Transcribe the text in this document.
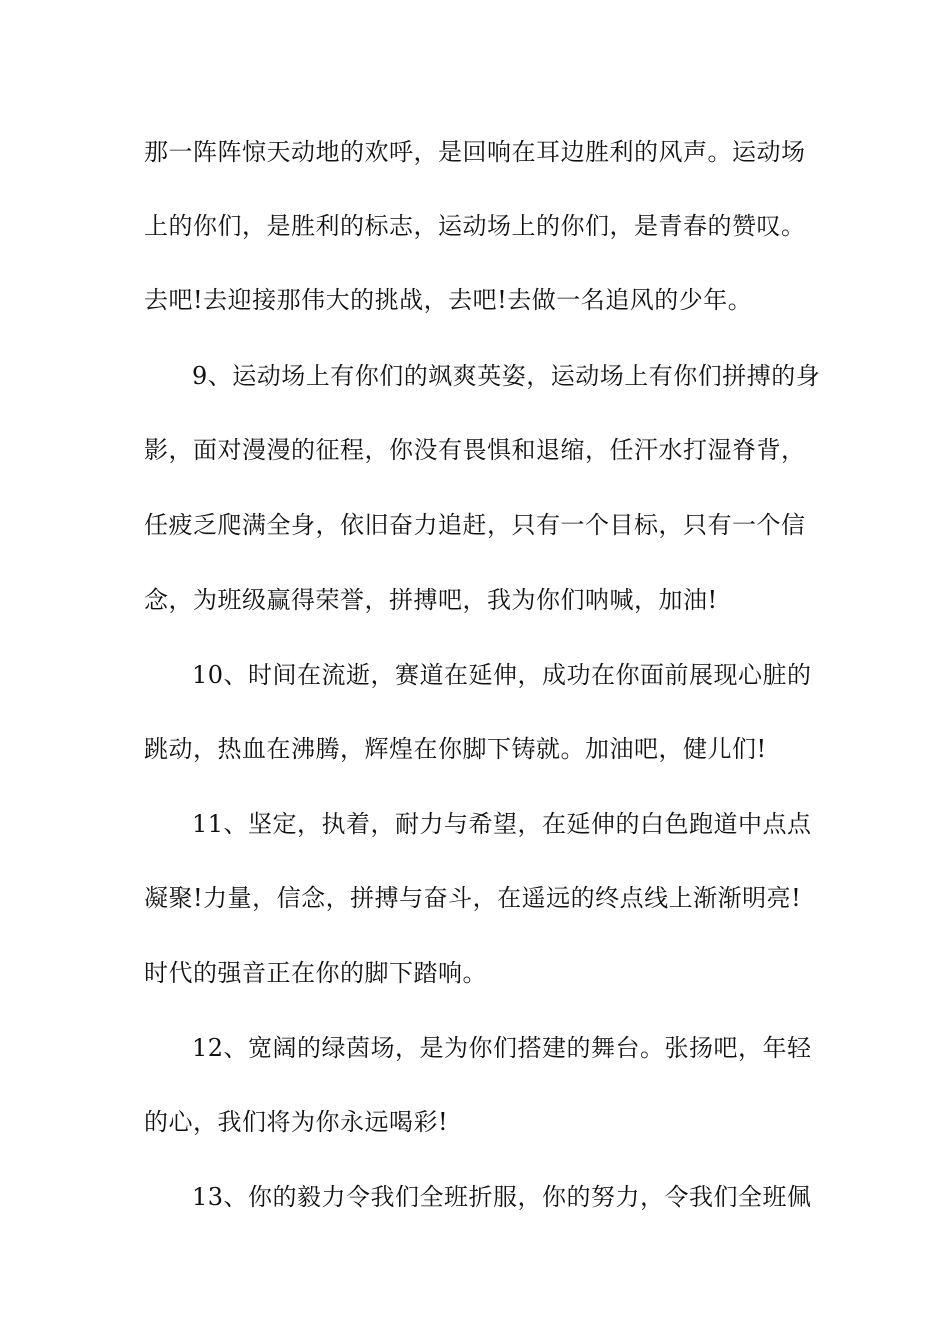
那一阵阵惊天动地的欢呼，是回响在耳边胜利的风声。运动场
上的你们，是胜利的标志，运动场上的你们，是青春的赞叹。
去吧!去迎接那伟大的挑战，去吧!去做一名追风的少年。
9、运动场上有你们的飒爽英姿，运动场上有你们拼搏的身
影，面对漫漫的征程，你没有畏惧和退缩，任汗水打湿脊背，
任疲乏爬满全身，依旧奋力追赶，只有一个目标，只有一个信
念，为班级赢得荣誉，拼搏吧，我为你们呐喊，加油!
10、时间在流逝，赛道在延伸，成功在你面前展现心脏的
跳动，热血在沸腾，辉煌在你脚下铸就。加油吧，健儿们!
11、坚定，执着，耐力与希望，在延伸的白色跑道中点点
凝聚!力量，信念，拼搏与奋斗，在遥远的终点线上渐渐明亮!
时代的强音正在你的脚下踏响。
12、宽阔的绿茵场，是为你们搭建的舞台。张扬吧，年轻
的心，我们将为你永远喝彩!
13、你的毅力令我们全班折服，你的努力，令我们全班佩
